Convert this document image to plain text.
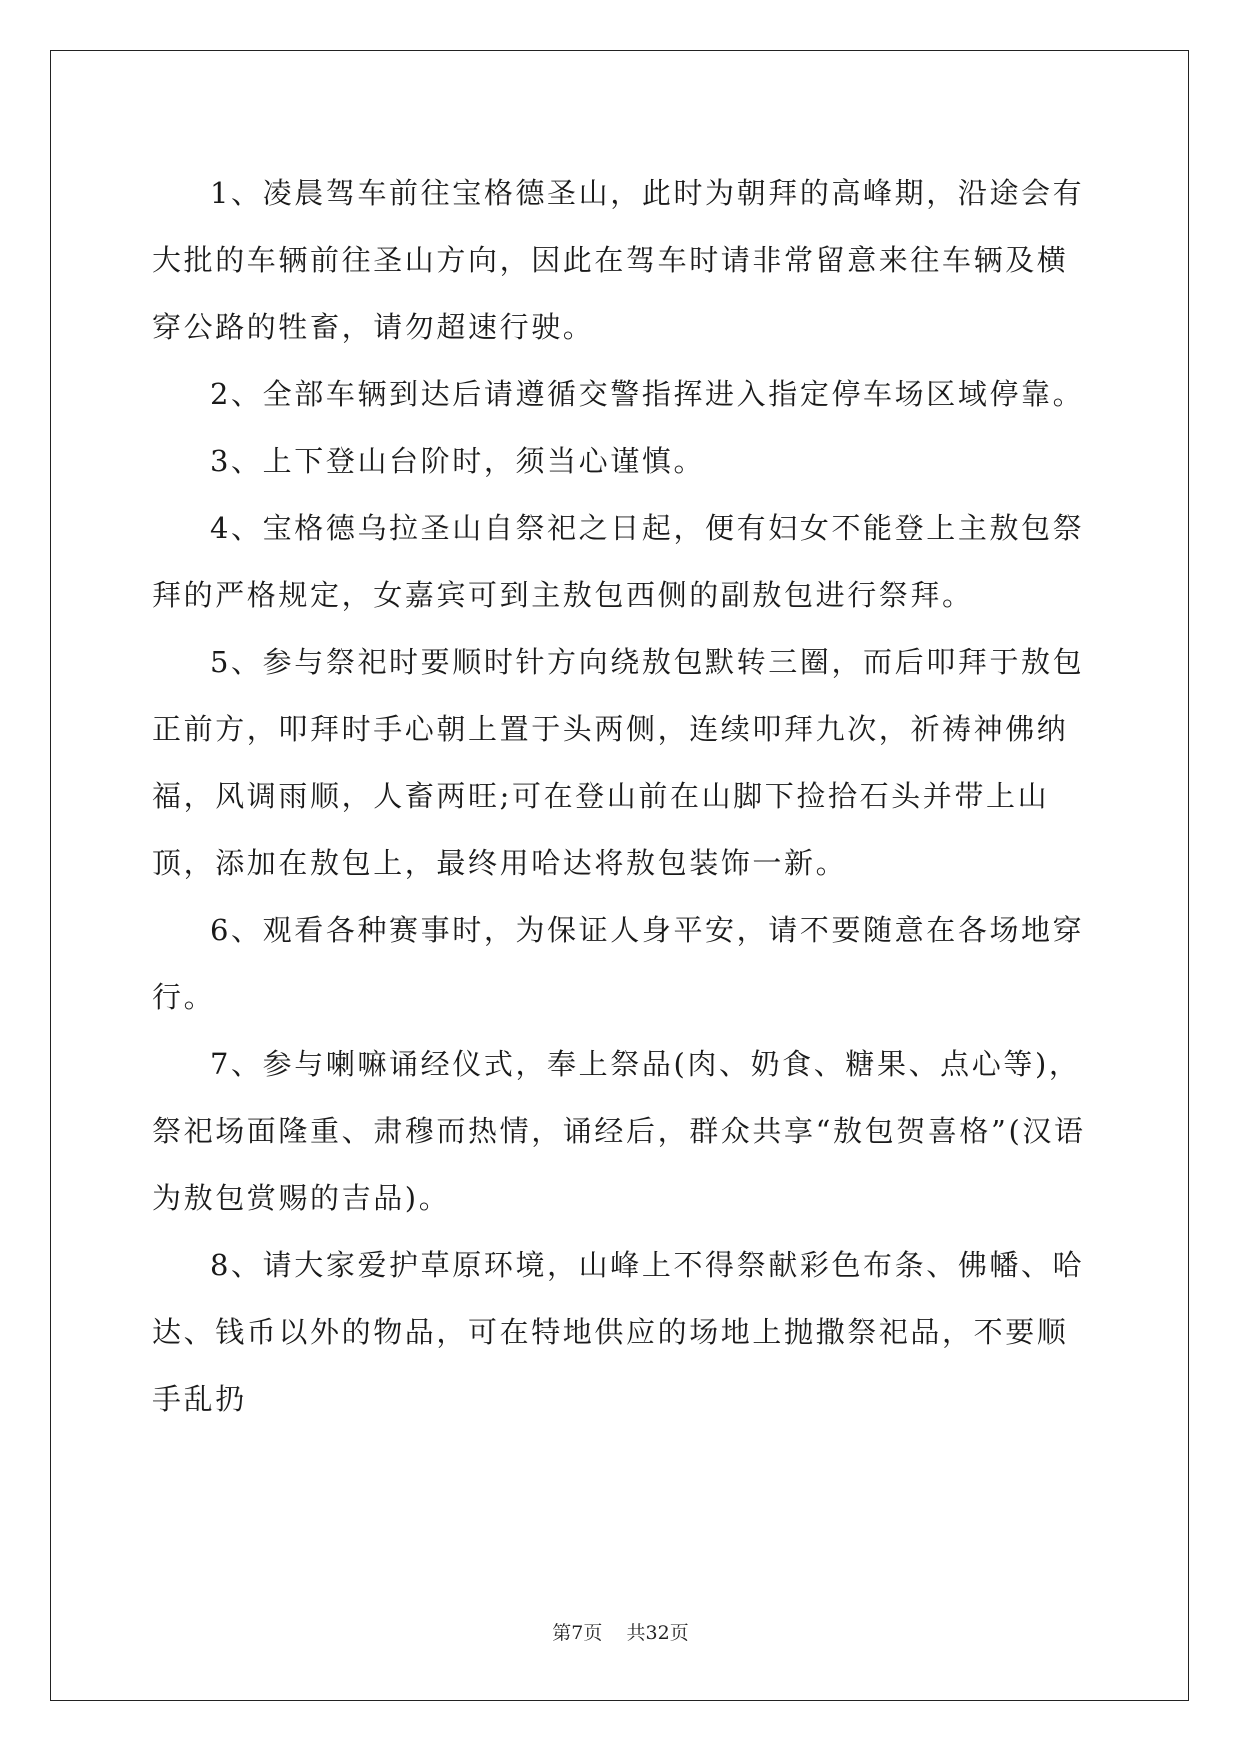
1、凌晨驾车前往宝格德圣山，此时为朝拜的高峰期，沿途会有大批的车辆前往圣山方向，因此在驾车时请非常留意来往车辆及横穿公路的牲畜，请勿超速行驶。

2、全部车辆到达后请遵循交警指挥进入指定停车场区域停靠。

3、上下登山台阶时，须当心谨慎。

4、宝格德乌拉圣山自祭祀之日起，便有妇女不能登上主敖包祭拜的严格规定，女嘉宾可到主敖包西侧的副敖包进行祭拜。

5、参与祭祀时要顺时针方向绕敖包默转三圈，而后叩拜于敖包正前方，叩拜时手心朝上置于头两侧，连续叩拜九次，祈祷神佛纳福，风调雨顺，人畜两旺;可在登山前在山脚下捡拾石头并带上山顶，添加在敖包上，最终用哈达将敖包装饰一新。

6、观看各种赛事时，为保证人身平安，请不要随意在各场地穿行。

7、参与喇嘛诵经仪式，奉上祭品(肉、奶食、糖果、点心等)，祭祀场面隆重、肃穆而热情，诵经后，群众共享“敖包贺喜格”(汉语为敖包赏赐的吉品)。

8、请大家爱护草原环境，山峰上不得祭献彩色布条、佛幡、哈达、钱币以外的物品，可在特地供应的场地上抛撒祭祀品，不要顺手乱扔

第7页 共32页
